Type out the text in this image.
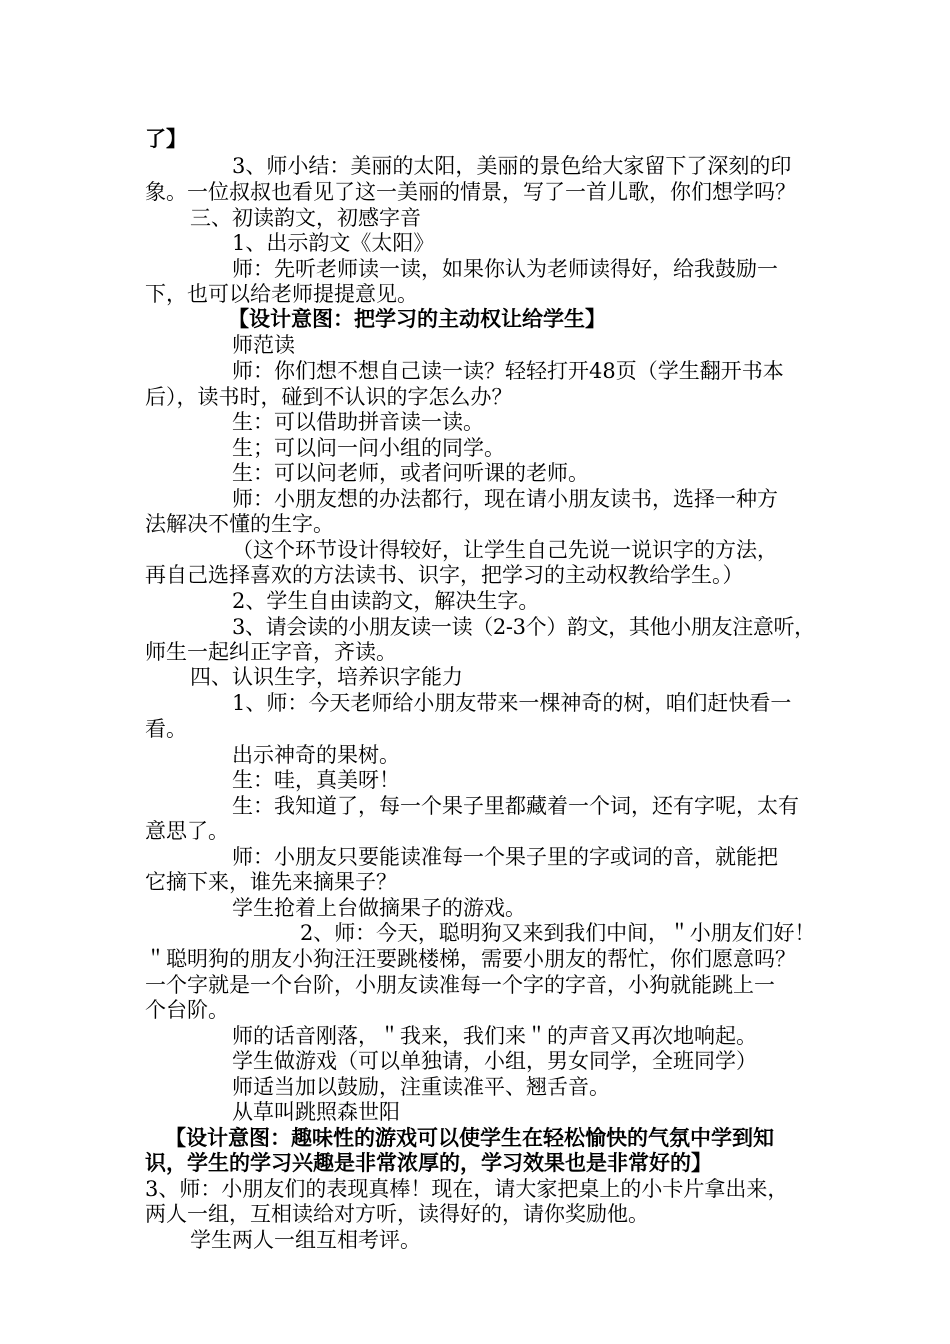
了】
3、师小结：美丽的太阳，美丽的景色给大家留下了深刻的印
象。一位叔叔也看见了这一美丽的情景，写了一首儿歌，你们想学吗？
三、初读韵文，初感字音
1、出示韵文《太阳》
师：先听老师读一读，如果你认为老师读得好，给我鼓励一
下，也可以给老师提提意见。
【设计意图：把学习的主动权让给学生】
师范读
师：你们想不想自己读一读？轻轻打开48页（学生翻开书本
后），读书时，碰到不认识的字怎么办？
生：可以借助拼音读一读。
生；可以问一问小组的同学。
生：可以问老师，或者问听课的老师。
师：小朋友想的办法都行，现在请小朋友读书，选择一种方
法解决不懂的生字。
（这个环节设计得较好，让学生自己先说一说识字的方法，
再自己选择喜欢的方法读书、识字，把学习的主动权教给学生。）
2、学生自由读韵文，解决生字。
3、请会读的小朋友读一读（2-3个）韵文，其他小朋友注意听，
师生一起纠正字音，齐读。
四、认识生字，培养识字能力
1、师：今天老师给小朋友带来一棵神奇的树，咱们赶快看一
看。
出示神奇的果树。
生：哇，真美呀！
生：我知道了，每一个果子里都藏着一个词，还有字呢，太有
意思了。
师：小朋友只要能读准每一个果子里的字或词的音，就能把
它摘下来，谁先来摘果子？
学生抢着上台做摘果子的游戏。
2、师：今天，聪明狗又来到我们中间，＂小朋友们好！
＂聪明狗的朋友小狗汪汪要跳楼梯，需要小朋友的帮忙，你们愿意吗？
一个字就是一个台阶，小朋友读准每一个字的字音，小狗就能跳上一
个台阶。
师的话音刚落，＂我来，我们来＂的声音又再次地响起。
学生做游戏（可以单独请，小组，男女同学，全班同学）
师适当加以鼓励，注重读准平、翘舌音。
从草叫跳照森世阳
【设计意图：趣味性的游戏可以使学生在轻松愉快的气氛中学到知
识，学生的学习兴趣是非常浓厚的，学习效果也是非常好的】
3、师：小朋友们的表现真棒！现在，请大家把桌上的小卡片拿出来，
两人一组，互相读给对方听，读得好的，请你奖励他。
学生两人一组互相考评。
